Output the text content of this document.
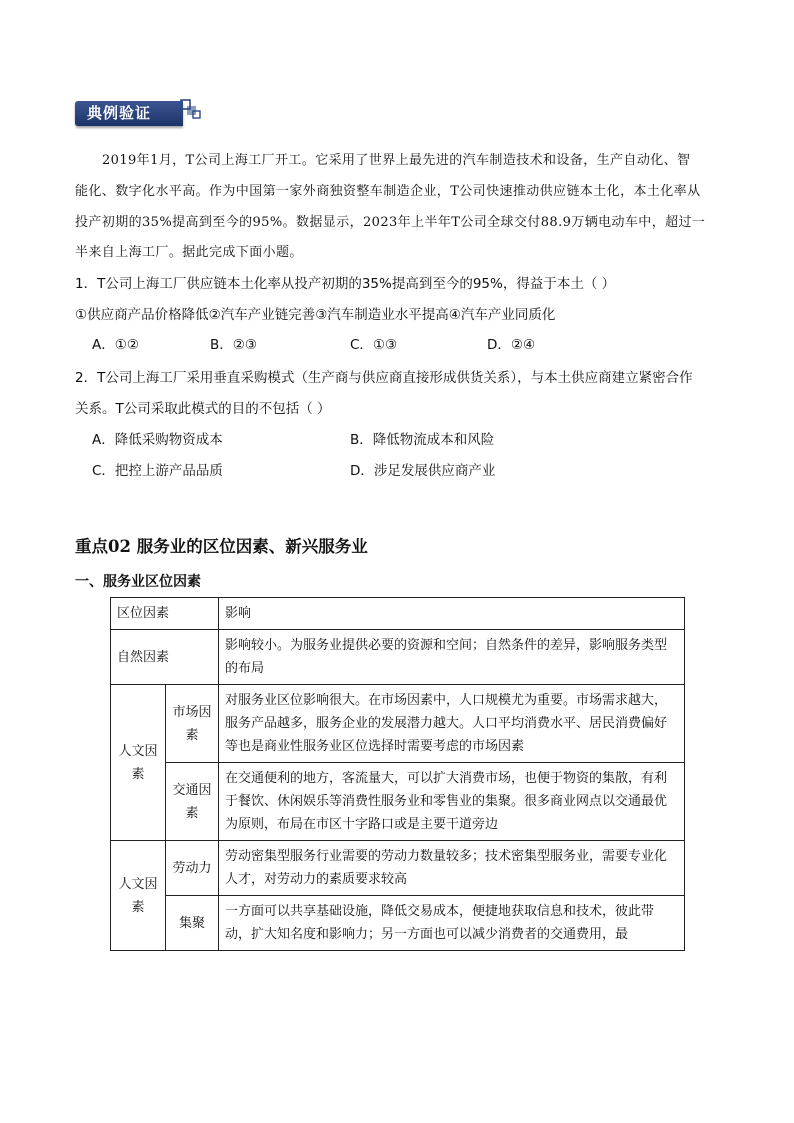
典例验证
2019年1月，T公司上海工厂开工。它采用了世界上最先进的汽车制造技术和设备，生产自动化、智
能化、数字化水平高。作为中国第一家外商独资整车制造企业，T公司快速推动供应链本土化，本土化率从
投产初期的35%提高到至今的95%。数据显示，2023年上半年T公司全球交付88.9万辆电动车中，超过一
半来自上海工厂。据此完成下面小题。
1．T公司上海工厂供应链本土化率从投产初期的35%提高到至今的95%，得益于本土（ ）
①供应商产品价格降低②汽车产业链完善③汽车制造业水平提高④汽车产业同质化
A．①②	B．②③	C．①③	D．②④
2．T公司上海工厂采用垂直采购模式（生产商与供应商直接形成供货关系），与本土供应商建立紧密合作
关系。T公司采取此模式的目的不包括（ ）
A．降低采购物资成本	B．降低物流成本和风险
C．把控上游产品品质	D．涉足发展供应商产业
重点02 服务业的区位因素、新兴服务业
一、服务业区位因素
区位因素		影响
自然因素		影响较小。为服务业提供必要的资源和空间；自然条件的差异，影响服务类型的布局

人文因素	市场因素	对服务业区位影响很大。在市场因素中，人口规模尤为重要。市场需求越大，服务产品越多，服务企业的发展潜力越大。人口平均消费水平、居民消费偏好等也是商业性服务业区位选择时需要考虑的市场因素
	交通因素	在交通便利的地方，客流量大，可以扩大消费市场，也便于物资的集散，有利于餐饮、休闲娱乐等消费性服务业和零售业的集聚。很多商业网点以交通最优为原则，布局在市区十字路口或是主要干道旁边

人文因素	劳动力	劳动密集型服务行业需要的劳动力数量较多；技术密集型服务业，需要专业化人才，对劳动力的素质要求较高
	集聚	一方面可以共享基础设施，降低交易成本，便捷地获取信息和技术，彼此带动，扩大知名度和影响力；另一方面也可以减少消费者的交通费用，最
